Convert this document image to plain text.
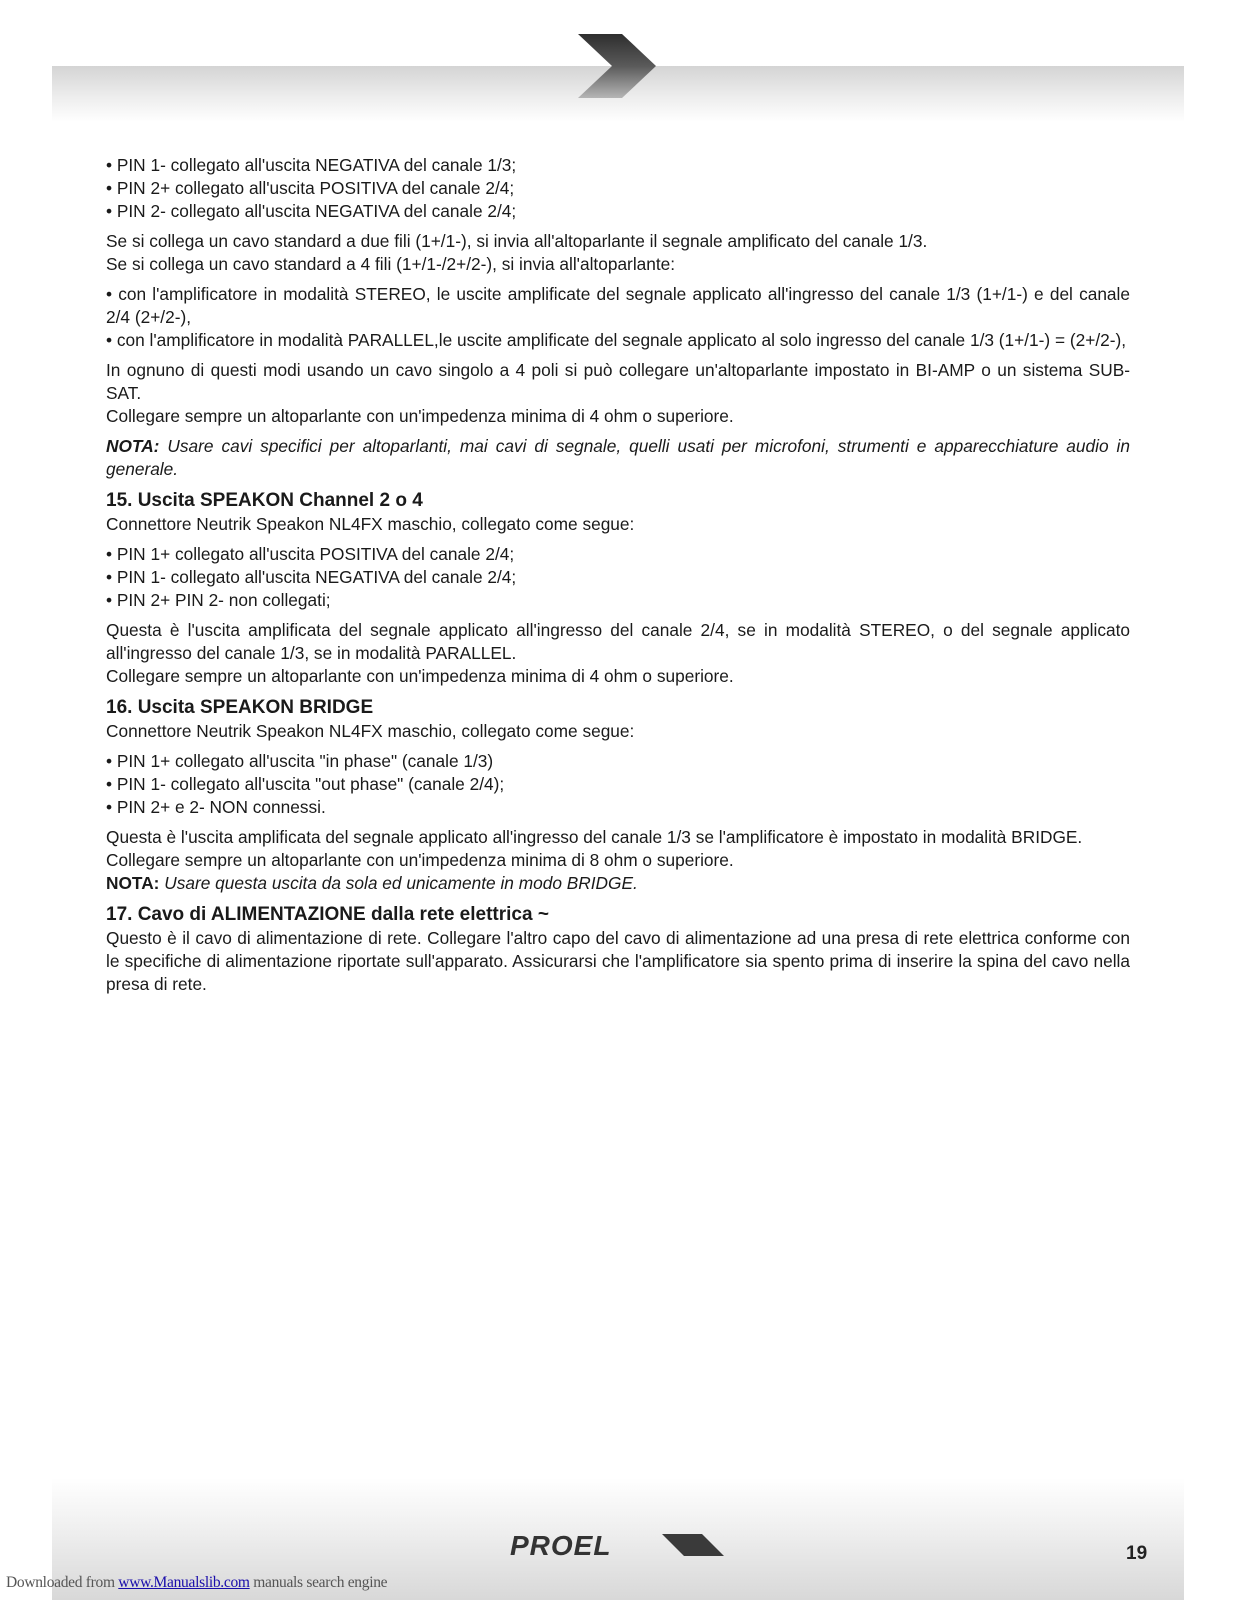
• PIN 1- collegato all'uscita NEGATIVA del canale 1/3;

• PIN 2+ collegato all'uscita POSITIVA del canale 2/4;

• PIN 2- collegato all'uscita NEGATIVA del canale 2/4;

Se si collega un cavo standard a due fili (1+/1-), si invia all'altoparlante il segnale amplificato del canale 1/3.

Se si collega un cavo standard a 4 fili (1+/1-/2+/2-), si invia all'altoparlante:

• con l'amplificatore in modalità STEREO, le uscite amplificate del segnale applicato all'ingresso del canale 1/3 (1+/1-) e del canale 2/4 (2+/2-),

• con l'amplificatore in modalità PARALLEL,le uscite amplificate del segnale applicato al solo ingresso del canale 1/3 (1+/1-) = (2+/2-),

In ognuno di questi modi usando un cavo singolo a 4 poli si può collegare un'altoparlante impostato in BI-AMP o un sistema SUB-SAT.

Collegare sempre un altoparlante con un'impedenza minima di 4 ohm o superiore.

NOTA: Usare cavi specifici per altoparlanti, mai cavi di segnale, quelli usati per microfoni, strumenti e apparecchiature audio in generale.

15. Uscita SPEAKON Channel 2 o 4

Connettore Neutrik Speakon NL4FX maschio, collegato come segue:

• PIN 1+ collegato all'uscita POSITIVA del canale 2/4;

• PIN 1- collegato all'uscita NEGATIVA del canale 2/4;

• PIN 2+ PIN 2- non collegati;

Questa è l'uscita amplificata del segnale applicato all'ingresso del canale 2/4, se in modalità STEREO, o del segnale applicato all'ingresso del canale 1/3, se in modalità PARALLEL.

Collegare sempre un altoparlante con un'impedenza minima di 4 ohm o superiore.

16. Uscita SPEAKON BRIDGE

Connettore Neutrik Speakon NL4FX maschio, collegato come segue:

• PIN 1+ collegato all'uscita "in phase" (canale 1/3)

• PIN 1- collegato all'uscita "out phase" (canale 2/4);

• PIN 2+ e 2- NON connessi.

Questa è l'uscita amplificata del segnale applicato all'ingresso del canale 1/3 se l'amplificatore è impostato in modalità BRIDGE.

Collegare sempre un altoparlante con un'impedenza minima di 8 ohm o superiore.

NOTA: Usare questa uscita da sola ed unicamente in modo BRIDGE.

17. Cavo di ALIMENTAZIONE dalla rete elettrica ~

Questo è il cavo di alimentazione di rete. Collegare l'altro capo del cavo di alimentazione ad una presa di rete elettrica conforme con le specifiche di alimentazione riportate sull'apparato. Assicurarsi che l'amplificatore sia spento prima di inserire la spina del cavo nella presa di rete.

PROEL	19
Downloaded from www.Manualslib.com manuals search engine
